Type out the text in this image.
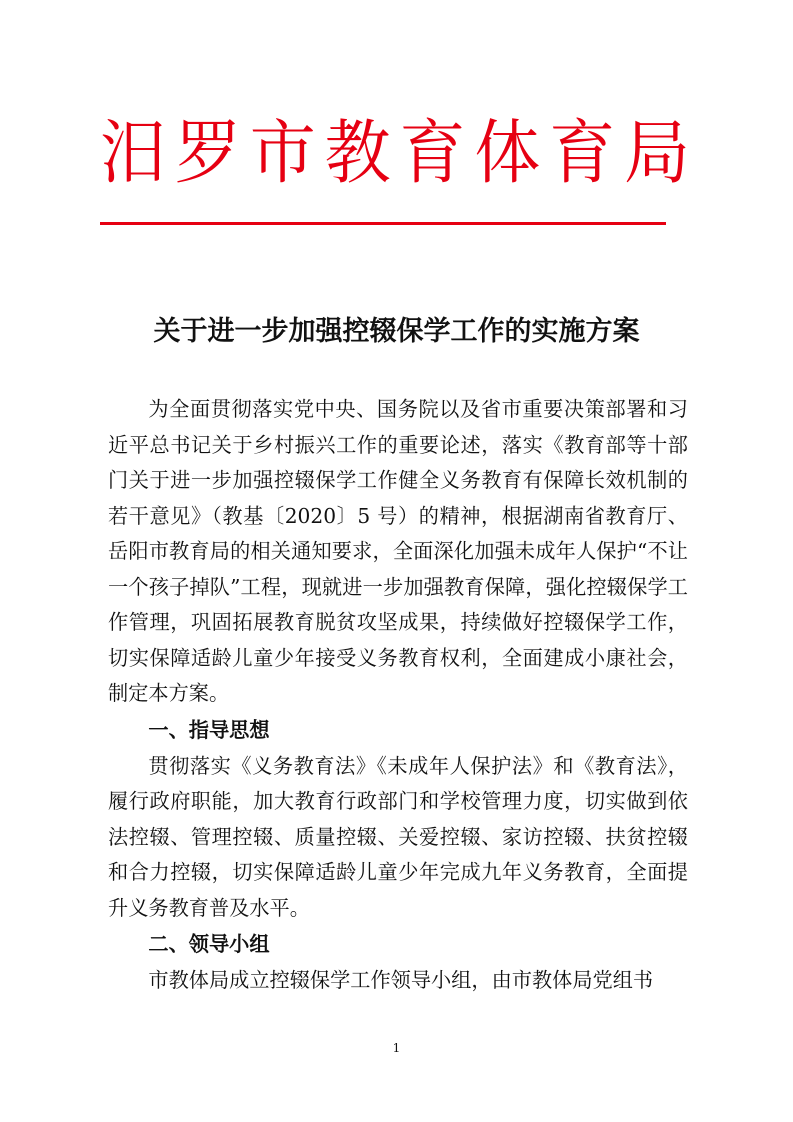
汨罗市教育体育局
关于进一步加强控辍保学工作的实施方案

为全面贯彻落实党中央、国务院以及省市重要决策部署和习近平总书记关于乡村振兴工作的重要论述，落实《教育部等十部门关于进一步加强控辍保学工作健全义务教育有保障长效机制的若干意见》（教基〔2020〕5 号）的精神，根据湖南省教育厅、岳阳市教育局的相关通知要求，全面深化加强未成年人保护“不让一个孩子掉队”工程，现就进一步加强教育保障，强化控辍保学工作管理，巩固拓展教育脱贫攻坚成果，持续做好控辍保学工作，切实保障适龄儿童少年接受义务教育权利，全面建成小康社会，制定本方案。

一、指导思想

贯彻落实《义务教育法》《未成年人保护法》和《教育法》，履行政府职能，加大教育行政部门和学校管理力度，切实做到依法控辍、管理控辍、质量控辍、关爱控辍、家访控辍、扶贫控辍和合力控辍，切实保障适龄儿童少年完成九年义务教育，全面提升义务教育普及水平。

二、领导小组

市教体局成立控辍保学工作领导小组，由市教体局党组书

1
